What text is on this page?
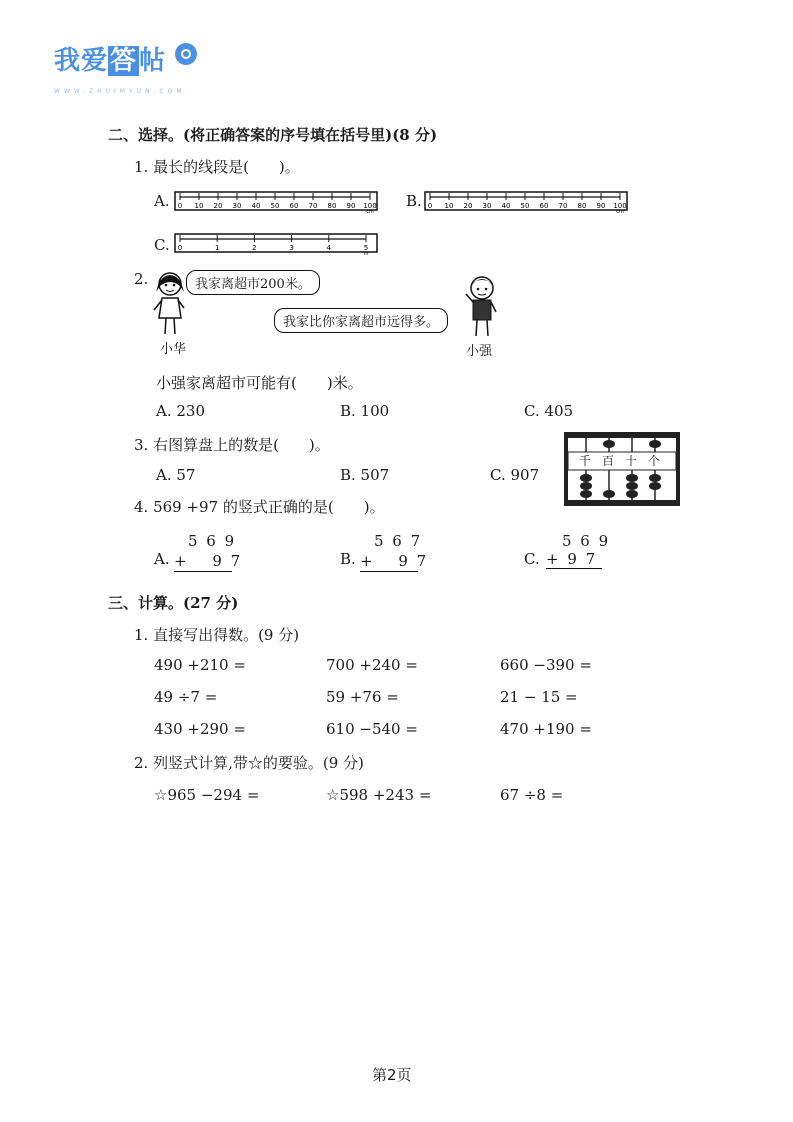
我爱答帖
WWW.ZHUIMYUN.COM
二、选择。(将正确答案的序号填在括号里)(8 分)
1. 最长的线段是(　　)。
A. 0 10 20 30 40 50 60 70 80 90 100
cm
B. 0 10 20 30 40 50 60 70 80 90 100
cm
C. 0	1	2	3	4	5
m
2.	我家离超市200米。
小华
我家比你家离超市远得多。
小强
小强家离超市可能有(　　)米。
A. 230	B. 100	C. 405
3. 右图算盘上的数是(　　)。
A. 57	B. 507	C. 907
千 百 十 个
4. 569 +97 的竖式正确的是(　　)。
5 6 9
A. + 　9 7
5 6 7
B. + 　9 7
5 6 9
C. + 9 7
三、计算。(27 分)
1. 直接写出得数。(9 分)
490 +210 =	700 +240 =	660 −390 =
49 ÷7 =	59 +76 =	21 − 15 =
430 +290 =	610 −540 =	470 +190 =
2. 列竖式计算,带☆的要验。(9 分)
☆965 −294 =	☆598 +243 =	67 ÷8 =
第2页
